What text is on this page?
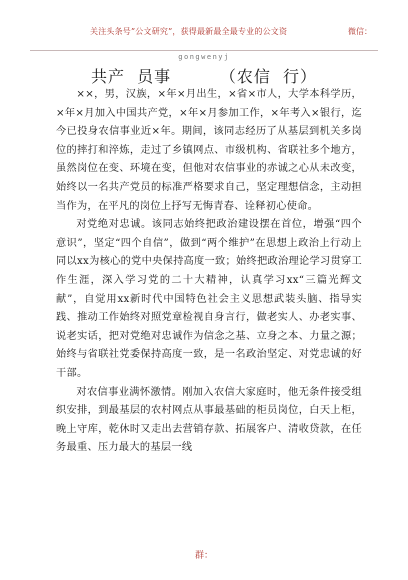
关注头条号”公文研究”，获得最新最全最专业的公文资	微信：
gongwenyj
共产  员事        （农信  行）

××，男，汉族，×年×月出生，×省×市人，大学本科学历，×年×月加入中国共产党，×年×月参加工作，×年考入×银行，迄今已投身农信事业近×年。期间，该同志经历了从基层到机关多岗位的摔打和淬炼，走过了乡镇网点、市级机构、省联社多个地方，虽然岗位在变、环境在变，但他对农信事业的赤诚之心从未改变，始终以一名共产党员的标准严格要求自己，坚定理想信念，主动担当作为，在平凡的岗位上抒写无悔青春、诠释初心使命。

对党绝对忠诚。该同志始终把政治建设摆在首位，增强“四个意识”，坚定“四个自信”，做到“两个维护”在思想上政治上行动上同以xx为核心的党中央保持高度一致；始终把政治理论学习贯穿工作生涯，深入学习党的二十大精神，认真学习xx“三篇光辉文献”，自觉用xx新时代中国特色社会主义思想武装头脑、指导实践、推动工作始终对照党章检视自身言行，做老实人、办老实事、说老实话，把对党绝对忠诚作为信念之基、立身之本、力量之源；始终与省联社党委保持高度一致，是一名政治坚定、对党忠诚的好干部。

对农信事业满怀激情。刚加入农信大家庭时，他无条件接受组织安排，到最基层的农村网点从事最基础的柜员岗位，白天上柜，晚上守库，乾休时又走出去营销存款、拓展客户、清收贷款，在任务最重、压力最大的基层一线

群：
